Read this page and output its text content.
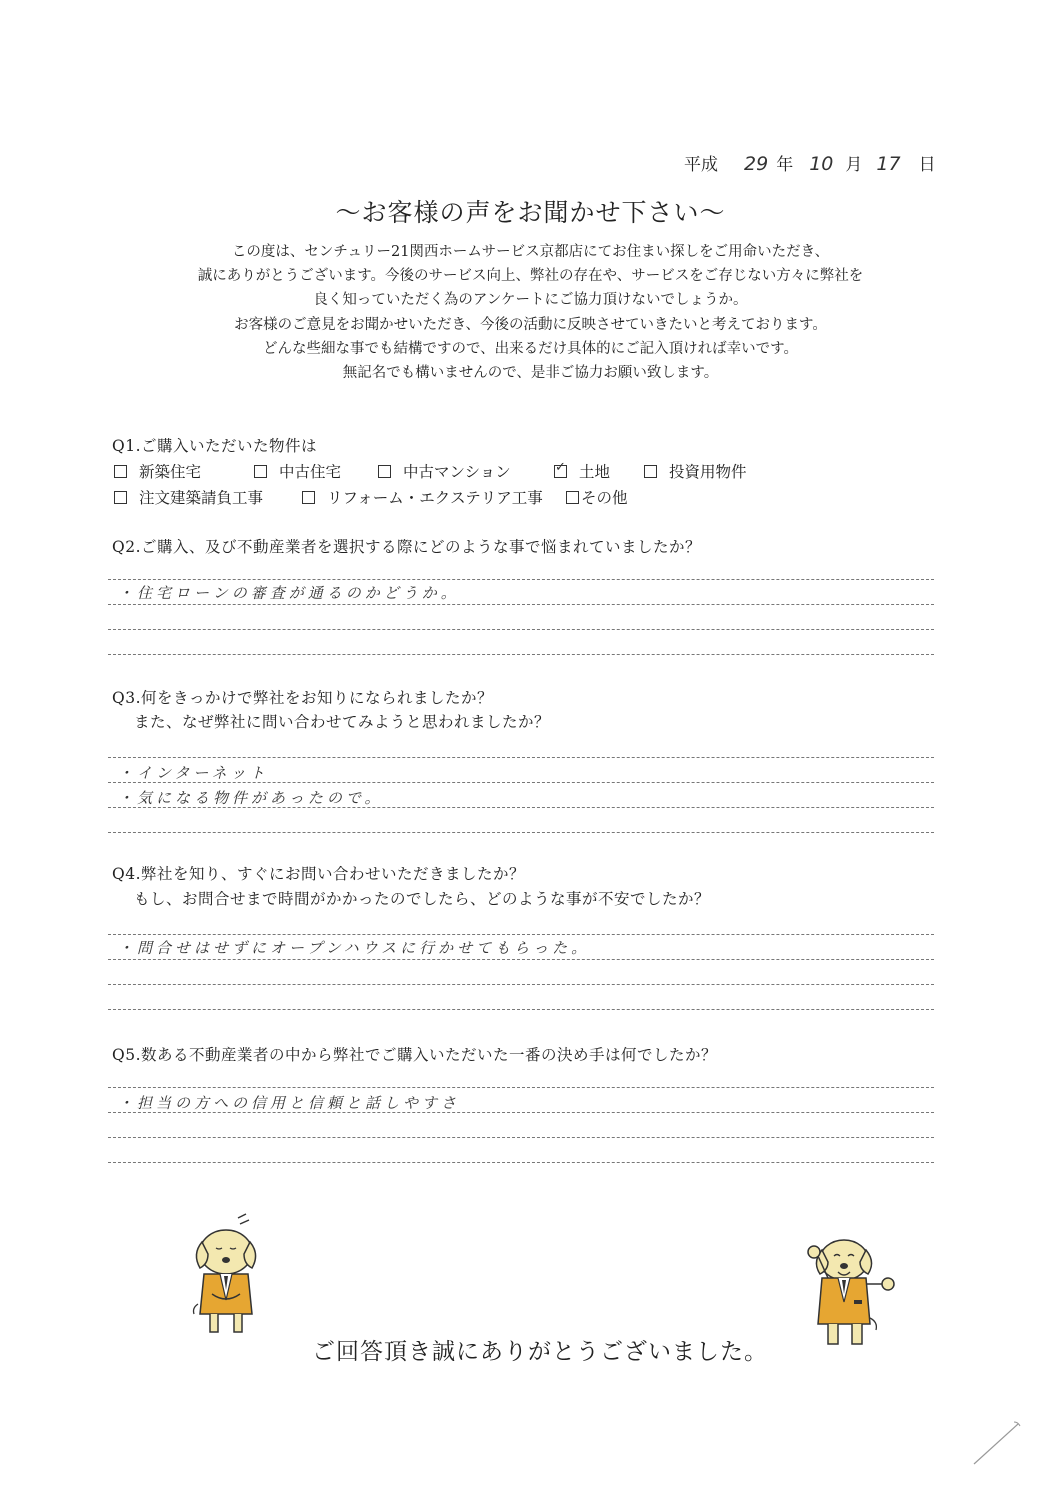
平成 29 年 10 月 17 日
〜お客様の声をお聞かせ下さい〜
この度は、センチュリー21関西ホームサービス京都店にてお住まい探しをご用命いただき、
誠にありがとうございます。今後のサービス向上、弊社の存在や、サービスをご存じない方々に弊社を
良く知っていただく為のアンケートにご協力頂けないでしょうか。
お客様のご意見をお聞かせいただき、今後の活動に反映させていきたいと考えております。
どんな些細な事でも結構ですので、出来るだけ具体的にご記入頂ければ幸いです。
無記名でも構いませんので、是非ご協力お願い致します。
Q1.ご購入いただいた物件は
新築住宅	中古住宅	中古マンション
✓	土地	投資用物件
注文建築請負工事	リフォーム・エクステリア工事	その他
Q2.ご購入、及び不動産業者を選択する際にどのような事で悩まれていましたか？
・住宅ローンの審査が通るのかどうか。
Q3.何をきっかけで弊社をお知りになられましたか？
また、なぜ弊社に問い合わせてみようと思われましたか？
・インターネット
・気になる物件があったので。
Q4.弊社を知り、すぐにお問い合わせいただきましたか？
もし、お問合せまで時間がかかったのでしたら、どのような事が不安でしたか？
・問合せはせずにオープンハウスに行かせてもらった。
Q5.数ある不動産業者の中から弊社でご購入いただいた一番の決め手は何でしたか？
・担当の方への信用と信頼と話しやすさ
ご回答頂き誠にありがとうございました。
